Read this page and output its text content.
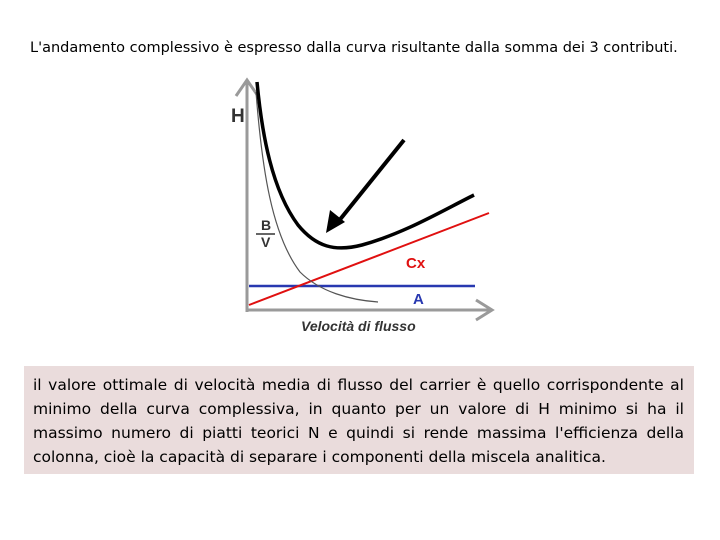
L'andamento complessivo è espresso dalla curva risultante dalla somma dei 3 contributi.
H
B
V
Cx
A
Velocità di flusso

il valore ottimale di velocità media di flusso del carrier è quello corrispondente al minimo della curva complessiva, in quanto per un valore di H minimo si ha il massimo numero di piatti teorici N e quindi si rende massima l'efficienza della colonna, cioè la capacità di separare i componenti della miscela analitica.
